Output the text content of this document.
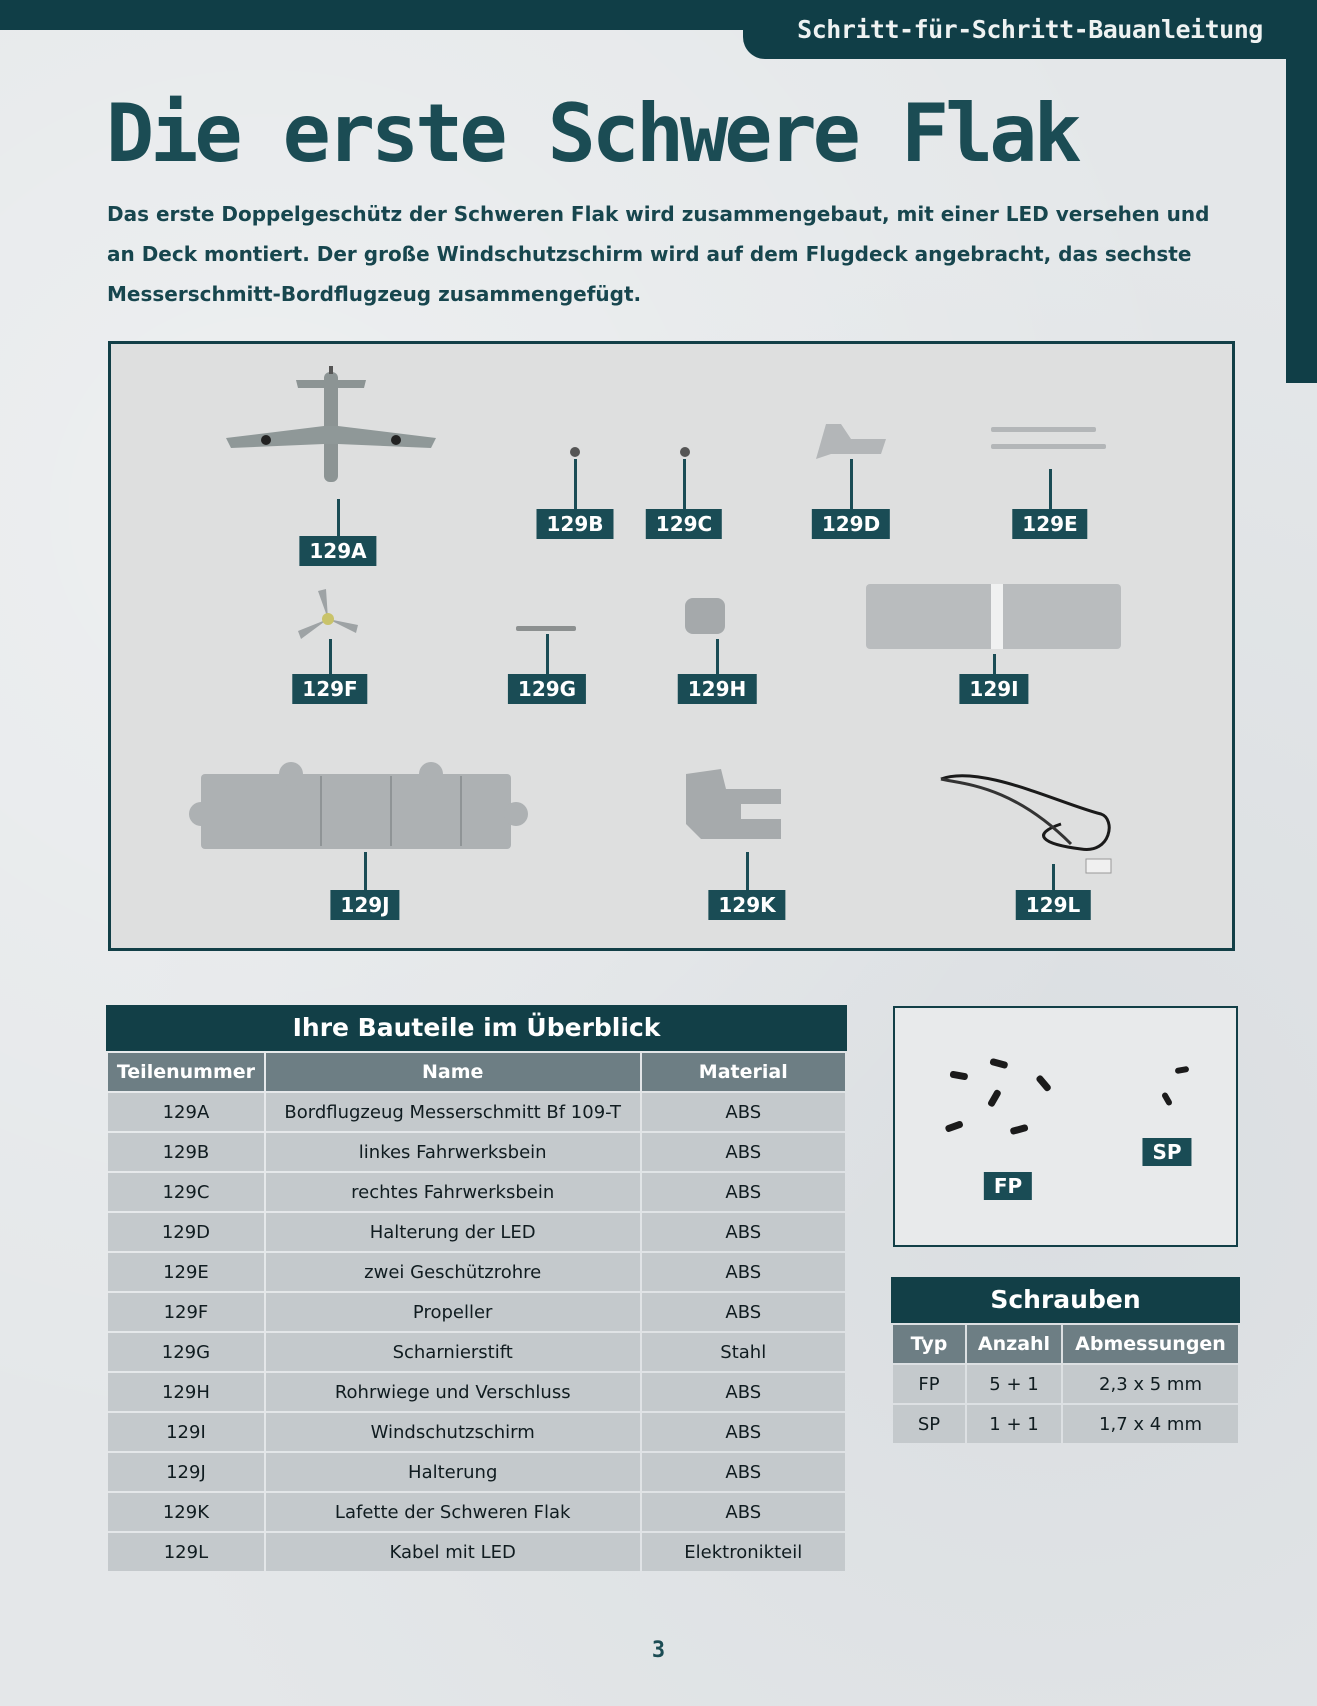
Schritt-für-Schritt-Bauanleitung
Die erste Schwere Flak

Das erste Doppelgeschütz der Schweren Flak wird zusammengebaut, mit einer LED versehen und an Deck montiert. Der große Windschutzschirm wird auf dem Flugdeck angebracht, das sechste Messerschmitt-Bordflugzeug zusammengefügt.

129A
129B	129C	129D	129E
129F	129G	129H	129I
129J	129K	129L
Ihre Bauteile im Überblick
Teilenummer	Name	Material
129A	Bordflugzeug Messerschmitt Bf 109-T	ABS
129B	linkes Fahrwerksbein	ABS
129C	rechtes Fahrwerksbein	ABS
129D	Halterung der LED	ABS
129E	zwei Geschützrohre	ABS
129F	Propeller	ABS
129G	Scharnierstift	Stahl
129H	Rohrwiege und Verschluss	ABS
129I	Windschutzschirm	ABS
129J	Halterung	ABS
129K	Lafette der Schweren Flak	ABS
129L	Kabel mit LED	Elektronikteil
FP
SP
Schrauben
Typ	Anzahl	Abmessungen
FP	5 + 1	2,3 x 5 mm
SP	1 + 1	1,7 x 4 mm
3
